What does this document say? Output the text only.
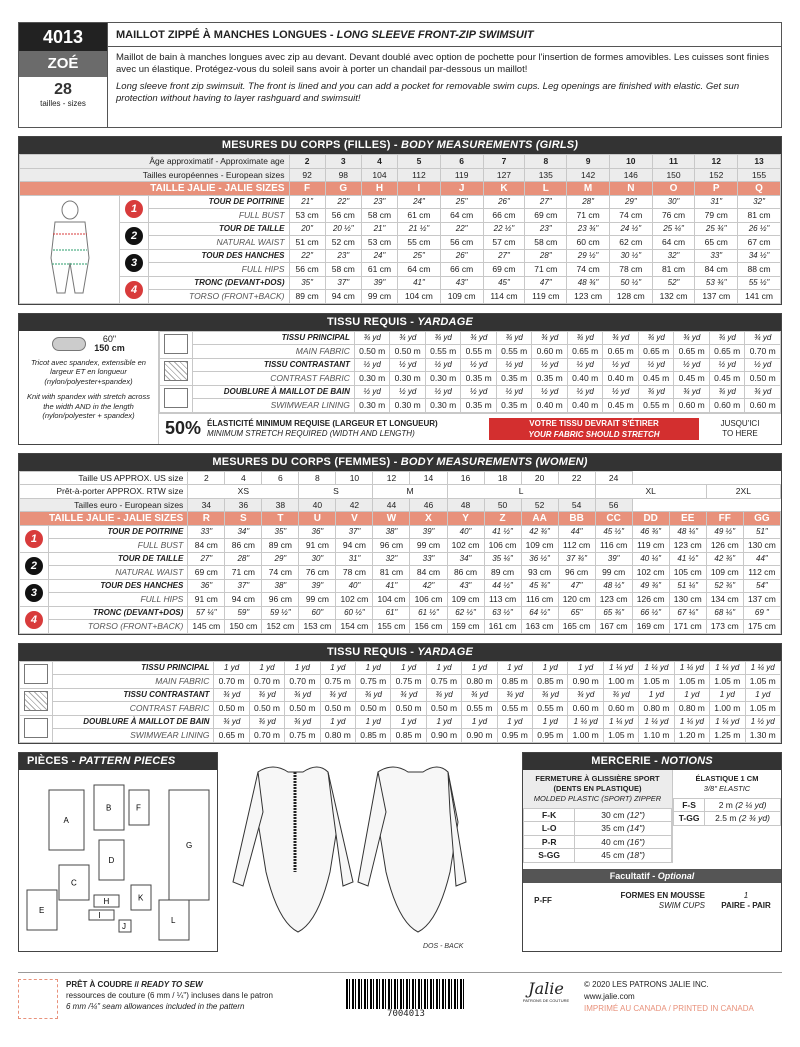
4013
ZOÉ
28
tailles - sizes
MAILLOT ZIPPÉ À MANCHES LONGUES - LONG SLEEVE FRONT-ZIP SWIMSUIT

Maillot de bain à manches longues avec zip au devant. Devant doublé avec option de pochette pour l'insertion de formes amovibles. Les cuisses sont finies avec un élastique. Protégez-vous du soleil sans avoir à porter un chandail par-dessous un maillot!

Long sleeve front zip swimsuit. The front is lined and you can add a pocket for removable swim cups. Leg openings are finished with elastic. Get sun protection without having to layer rashguard and swimsuit!

MESURES DU CORPS (FILLES) - BODY MEASUREMENTS (GIRLS)
Âge approximatif - Approximate age			2	3	4	5	6	7	8	9	10	11	12	13
Tailles européennes - European sizes			92	98	104	112	119	127	135	142	146	150	152	155
TAILLE JALIE - JALIE SIZES			F	G	H	I	J	K	L	M	N	O	P	Q
	1	TOUR DE POITRINE	21"	22"	23"	24"	25"	26"	27"	28"	29"	30"	31"	32"
		FULL BUST	53 cm	56 cm	58 cm	61 cm	64 cm	66 cm	69 cm	71 cm	74 cm	76 cm	79 cm	81 cm
	2	TOUR DE TAILLE	20"	20 ½"	21"	21 ½"	22"	22 ½"	23"	23 ¾"	24 ½"	25 ¼"	25 ¾"	26 ½"
		NATURAL WAIST	51 cm	52 cm	53 cm	55 cm	56 cm	57 cm	58 cm	60 cm	62 cm	64 cm	65 cm	67 cm
	3	TOUR DES HANCHES	22"	23"	24"	25"	26"	27"	28"	29 ½"	30 ½"	32"	33"	34 ½"
		FULL HIPS	56 cm	58 cm	61 cm	64 cm	66 cm	69 cm	71 cm	74 cm	78 cm	81 cm	84 cm	88 cm
	4	TRONC (DEVANT+DOS)	35"	37"	39"	41"	43"	45"	47"	48 ¾"	50 ½"	52"	53 ¾"	55 ½"
		TORSO (FRONT+BACK)	89 cm	94 cm	99 cm	104 cm	109 cm	114 cm	119 cm	123 cm	128 cm	132 cm	137 cm	141 cm
TISSU REQUIS - YARDAGE
60"
150 cm
Tricot avec spandex, extensible en largeur ET en longueur (nylon/polyester+spandex)
Knit with spandex with stretch across the width AND in the length (nylon/polyester + spandex)
	TISSU PRINCIPAL	¾ yd	¾ yd	¾ yd	¾ yd	¾ yd	¾ yd	¾ yd	¾ yd	¾ yd	¾ yd	¾ yd	¾ yd
	MAIN FABRIC	0.50 m	0.50 m	0.55 m	0.55 m	0.55 m	0.60 m	0.65 m	0.65 m	0.65 m	0.65 m	0.65 m	0.70 m
	TISSU CONTRASTANT	½ yd	½ yd	½ yd	½ yd	½ yd	½ yd	½ yd	½ yd	½ yd	½ yd	½ yd	½ yd
	CONTRAST FABRIC	0.30 m	0.30 m	0.30 m	0.35 m	0.35 m	0.35 m	0.40 m	0.40 m	0.45 m	0.45 m	0.45 m	0.50 m
	DOUBLURE À MAILLOT DE BAIN	½ yd	½ yd	½ yd	½ yd	½ yd	½ yd	½ yd	½ yd	¾ yd	¾ yd	¾ yd	¾ yd
	SWIMWEAR LINING	0.30 m	0.30 m	0.30 m	0.35 m	0.35 m	0.40 m	0.40 m	0.45 m	0.55 m	0.60 m	0.60 m	0.60 m
50% ÉLASTICITÉ MINIMUM REQUISE (LARGEUR ET LONGUEUR)
MINIMUM STRETCH REQUIRED (WIDTH AND LENGTH)
VOTRE TISSU DEVRAIT S'ÉTIRER
YOUR FABRIC SHOULD STRETCH
JUSQU'ICI
TO HERE
MESURES DU CORPS (FEMMES) - BODY MEASUREMENTS (WOMEN)
Taille US APPROX. US size		2	4	6	8	10	12	14	16	18	20	22	24				
Prêt-à-porter APPROX. RTW size		XS			S		M		L				XL			2XL	
Tailles euro - European sizes		34	36	38	40	42	44	46	48	50	52	54	56				
TAILLE JALIE - JALIE SIZES		R	S	T	U	V	W	X	Y	Z	AA	BB	CC	DD	EE	FF	GG
1	TOUR DE POITRINE	33"	34"	35"	36"	37"	38"	39"	40"	41 ½"	42 ¾"	44"	45 ½"	46 ¾"	48 ¼"	49 ½"	51"
	FULL BUST	84 cm	86 cm	89 cm	91 cm	94 cm	96 cm	99 cm	102 cm	106 cm	109 cm	112 cm	116 cm	119 cm	123 cm	126 cm	130 cm
2	TOUR DE TAILLE	27"	28"	29"	30"	31"	32"	33"	34"	35 ¼"	36 ½"	37 ¾"	39"	40 ¼"	41 ½"	42 ¾"	44"
	NATURAL WAIST	69 cm	71 cm	74 cm	76 cm	78 cm	81 cm	84 cm	86 cm	89 cm	93 cm	96 cm	99 cm	102 cm	105 cm	109 cm	112 cm
3	TOUR DES HANCHES	36"	37"	38"	39"	40"	41"	42"	43"	44 ½"	45 ¾"	47"	48 ½"	49 ¾"	51 ¼"	52 ¾"	54"
	FULL HIPS	91 cm	94 cm	96 cm	99 cm	102 cm	104 cm	106 cm	109 cm	113 cm	116 cm	120 cm	123 cm	126 cm	130 cm	134 cm	137 cm
4	TRONC (DEVANT+DOS)	57 ¼"	59"	59 ½"	60"	60 ½"	61"	61 ½"	62 ½"	63 ½"	64 ½"	65"	65 ¾"	66 ½"	67 ¼"	68 ¼"	69 "
	TORSO (FRONT+BACK)	145 cm	150 cm	152 cm	153 cm	154 cm	155 cm	156 cm	159 cm	161 cm	163 cm	165 cm	167 cm	169 cm	171 cm	173 cm	175 cm
TISSU REQUIS - YARDAGE
	TISSU PRINCIPAL	1 yd	1 yd	1 yd	1 yd	1 yd	1 yd	1 yd	1 yd	1 yd	1 yd	1 yd	1 ¼ yd	1 ¼ yd	1 ¼ yd	1 ¼ yd	1 ¼ yd
	MAIN FABRIC	0.70 m	0.70 m	0.70 m	0.75 m	0.75 m	0.75 m	0.75 m	0.80 m	0.85 m	0.85 m	0.90 m	1.00 m	1.05 m	1.05 m	1.05 m	1.05 m
	TISSU CONTRASTANT	¾ yd	¾ yd	¾ yd	¾ yd	¾ yd	¾ yd	¾ yd	¾ yd	¾ yd	¾ yd	¾ yd	¾ yd	1 yd	1 yd	1 yd	1 yd
	CONTRAST FABRIC	0.50 m	0.50 m	0.50 m	0.50 m	0.50 m	0.50 m	0.50 m	0.55 m	0.55 m	0.55 m	0.60 m	0.60 m	0.80 m	0.80 m	1.00 m	1.05 m
	DOUBLURE À MAILLOT DE BAIN	¾ yd	¾ yd	¾ yd	1 yd	1 yd	1 yd	1 yd	1 yd	1 yd	1 yd	1 ¼ yd	1 ¼ yd	1 ¼ yd	1 ¼ yd	1 ¼ yd	1 ½ yd
	SWIMWEAR LINING	0.65 m	0.70 m	0.75 m	0.80 m	0.85 m	0.85 m	0.90 m	0.90 m	0.95 m	0.95 m	1.00 m	1.05 m	1.10 m	1.20 m	1.25 m	1.30 m
PIÈCES - PATTERN PIECES
A
B
C
D
E
F
G
H
I
J
K
L
DOS - BACK
MERCERIE - NOTIONS
FERMETURE À GLISSIÈRE SPORT (DENTS EN PLASTIQUE)
MOLDED PLASTIC (SPORT) ZIPPER
F-K	30 cm (12")
L-O	35 cm (14")
P-R	40 cm (16")
S-GG	45 cm (18")
ÉLASTIQUE 1 CM
3/8" ELASTIC
F-S	2 m (2 ¼ yd)
T-GG	2.5 m (2 ¾ yd)
Facultatif - Optional
P-FF
FORMES EN MOUSSE
SWIM CUPS
1
PAIRE - PAIR
PRÊT À COUDRE // READY TO SEW
ressources de couture (6 mm / ¼") incluses dans le patron
6 mm /¼" seam allowances included in the pattern
7004013
Jalie
PATRONS DE COUTURE
© 2020 LES PATRONS JALIE INC.
www.jalie.com
IMPRIMÉ AU CANADA / PRINTED IN CANADA
